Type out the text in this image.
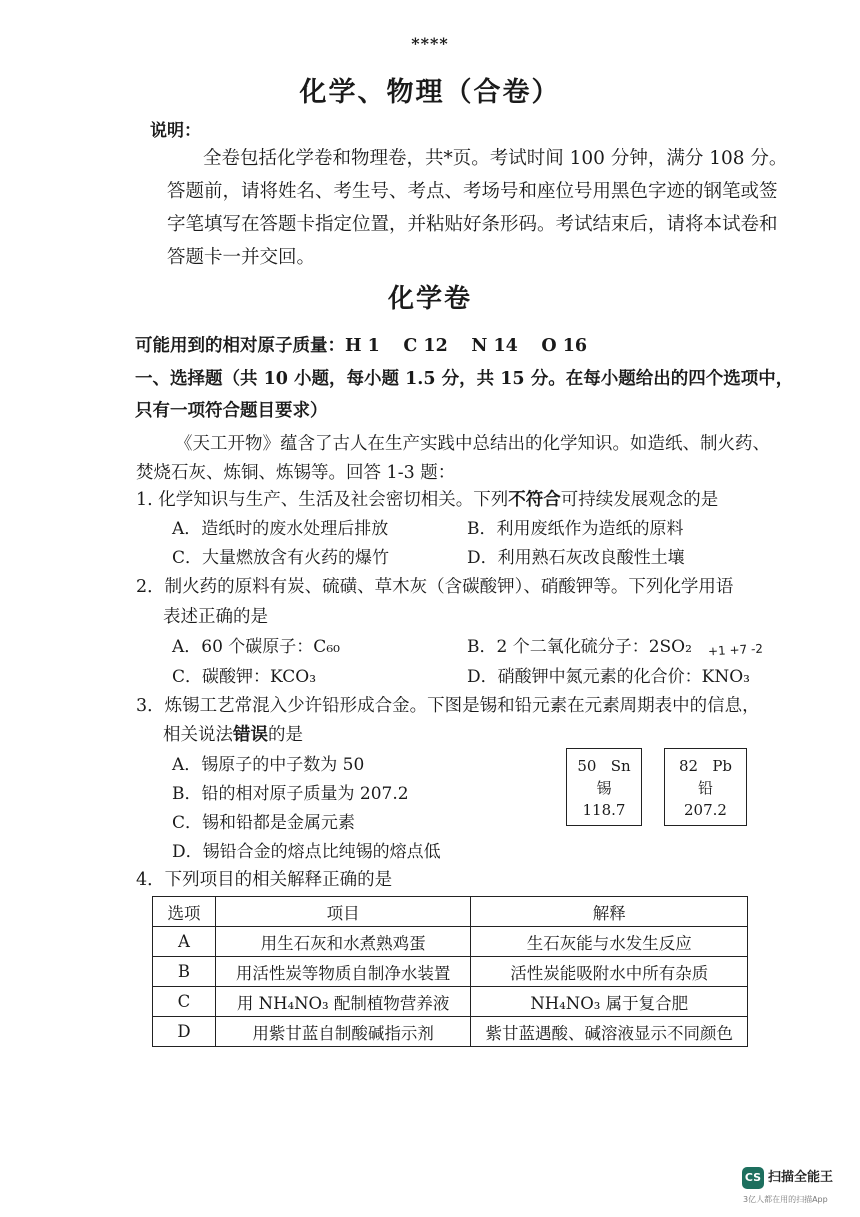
****
化学、物理（合卷）
说明：
全卷包括化学卷和物理卷，共*页。考试时间 100 分钟，满分 108 分。
答题前，请将姓名、考生号、考点、考场号和座位号用黑色字迹的钢笔或签
字笔填写在答题卡指定位置，并粘贴好条形码。考试结束后，请将本试卷和
答题卡一并交回。
化学卷
可能用到的相对原子质量：H 1　 C 12 　N 14　 O 16
一、选择题（共 10 小题，每小题 1.5 分，共 15 分。在每小题给出的四个选项中，
只有一项符合题目要求）
《天工开物》蕴含了古人在生产实践中总结出的化学知识。如造纸、制火药、
焚烧石灰、炼铜、炼锡等。回答 1-3 题：
1. 化学知识与生产、生活及社会密切相关。下列不符合可持续发展观念的是
A．造纸时的废水处理后排放	B．利用废纸作为造纸的原料
C．大量燃放含有火药的爆竹	D．利用熟石灰改良酸性土壤
2．制火药的原料有炭、硫磺、草木灰（含碳酸钾）、硝酸钾等。下列化学用语
表述正确的是
A．60 个碳原子：C₆₀	B．2 个二氧化硫分子：2SO₂ +1 +7 -2
C．碳酸钾：KCO₃	D．硝酸钾中氮元素的化合价：KNO₃
3．炼锡工艺常混入少许铅形成合金。下图是锡和铅元素在元素周期表中的信息，
相关说法错误的是
A．锡原子的中子数为 50
B．铅的相对原子质量为 207.2
C．锡和铅都是金属元素
D．锡铅合金的熔点比纯锡的熔点低
50 Sn
锡
118.7
82 Pb
铅
207.2
4．下列项目的相关解释正确的是
选项	项目	解释
A	用生石灰和水煮熟鸡蛋	生石灰能与水发生反应
B	用活性炭等物质自制净水装置	活性炭能吸附水中所有杂质
C	用 NH₄NO₃ 配制植物营养液	NH₄NO₃ 属于复合肥
D	用紫甘蓝自制酸碱指示剂	紫甘蓝遇酸、碱溶液显示不同颜色
CS 扫描全能王
3亿人都在用的扫描App
